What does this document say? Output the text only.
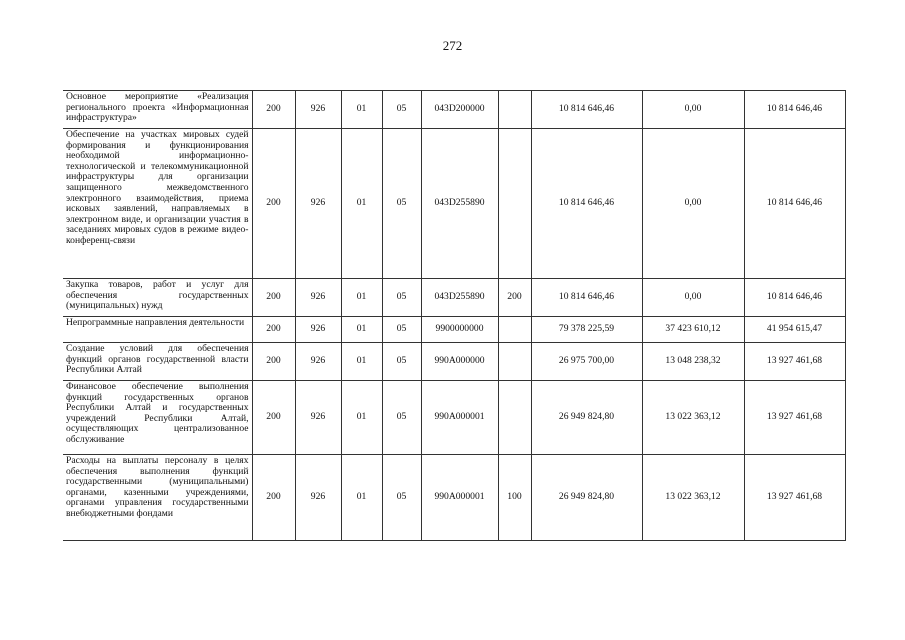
272
Основное мероприятие «Реализация регионального проекта «Информационная инфраструктура»	200	926	01	05	043D200000		10 814 646,46	0,00	10 814 646,46
Обеспечение на участках мировых судей формирования и функционирования необходимой информационно-технологической и телекоммуникационной инфраструктуры для организации защищенного межведомственного электронного взаимодействия, приема исковых заявлений, направляемых в электронном виде, и организации участия в заседаниях мировых судов в режиме видео-конференц-связи	200	926	01	05	043D255890		10 814 646,46	0,00	10 814 646,46
Закупка товаров, работ и услуг для обеспечения государственных (муниципальных) нужд	200	926	01	05	043D255890	200	10 814 646,46	0,00	10 814 646,46
Непрограммные направления деятельности	200	926	01	05	9900000000		79 378 225,59	37 423 610,12	41 954 615,47
Создание условий для обеспечения функций органов государственной власти Республики Алтай	200	926	01	05	990А000000		26 975 700,00	13 048 238,32	13 927 461,68
Финансовое обеспечение выполнения функций государственных органов Республики Алтай и государственных учреждений Республики Алтай, осуществляющих централизованное обслуживание	200	926	01	05	990А000001		26 949 824,80	13 022 363,12	13 927 461,68
Расходы на выплаты персоналу в целях обеспечения выполнения функций государственными (муниципальными) органами, казенными учреждениями, органами управления государственными внебюджетными фондами	200	926	01	05	990А000001	100	26 949 824,80	13 022 363,12	13 927 461,68
